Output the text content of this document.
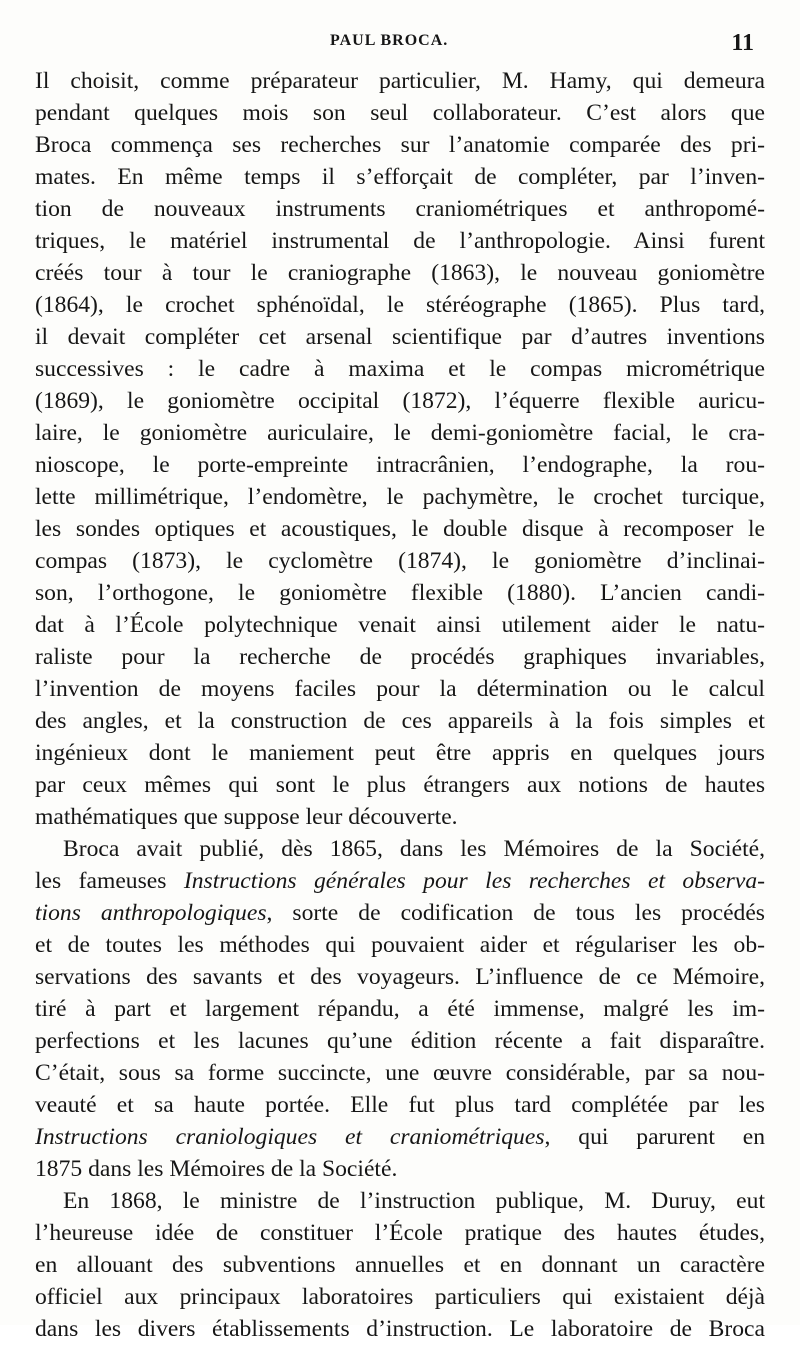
PAUL BROCA.	11
Il choisit, comme préparateur particulier, M. Hamy, qui demeura
pendant quelques mois son seul collaborateur. C’est alors que
Broca commença ses recherches sur l’anatomie comparée des pri-
mates. En même temps il s’efforçait de compléter, par l’inven-
tion de nouveaux instruments craniométriques et anthropomé-
triques, le matériel instrumental de l’anthropologie. Ainsi furent
créés tour à tour le craniographe (1863), le nouveau goniomètre
(1864), le crochet sphénoïdal, le stéréographe (1865). Plus tard,
il devait compléter cet arsenal scientifique par d’autres inventions
successives : le cadre à maxima et le compas micrométrique
(1869), le goniomètre occipital (1872), l’équerre flexible auricu-
laire, le goniomètre auriculaire, le demi-goniomètre facial, le cra-
nioscope, le porte-empreinte intracrânien, l’endographe, la rou-
lette millimétrique, l’endomètre, le pachymètre, le crochet turcique,
les sondes optiques et acoustiques, le double disque à recomposer le
compas (1873), le cyclomètre (1874), le goniomètre d’inclinai-
son, l’orthogone, le goniomètre flexible (1880). L’ancien candi-
dat à l’École polytechnique venait ainsi utilement aider le natu-
raliste pour la recherche de procédés graphiques invariables,
l’invention de moyens faciles pour la détermination ou le calcul
des angles, et la construction de ces appareils à la fois simples et
ingénieux dont le maniement peut être appris en quelques jours
par ceux mêmes qui sont le plus étrangers aux notions de hautes
mathématiques que suppose leur découverte.
Broca avait publié, dès 1865, dans les Mémoires de la Société,
les fameuses Instructions générales pour les recherches et observa-
tions anthropologiques, sorte de codification de tous les procédés
et de toutes les méthodes qui pouvaient aider et régulariser les ob-
servations des savants et des voyageurs. L’influence de ce Mémoire,
tiré à part et largement répandu, a été immense, malgré les im-
perfections et les lacunes qu’une édition récente a fait disparaître.
C’était, sous sa forme succincte, une œuvre considérable, par sa nou-
veauté et sa haute portée. Elle fut plus tard complétée par les
Instructions craniologiques et craniométriques, qui parurent en
1875 dans les Mémoires de la Société.
En 1868, le ministre de l’instruction publique, M. Duruy, eut
l’heureuse idée de constituer l’École pratique des hautes études,
en allouant des subventions annuelles et en donnant un caractère
officiel aux principaux laboratoires particuliers qui existaient déjà
dans les divers établissements d’instruction. Le laboratoire de Broca
